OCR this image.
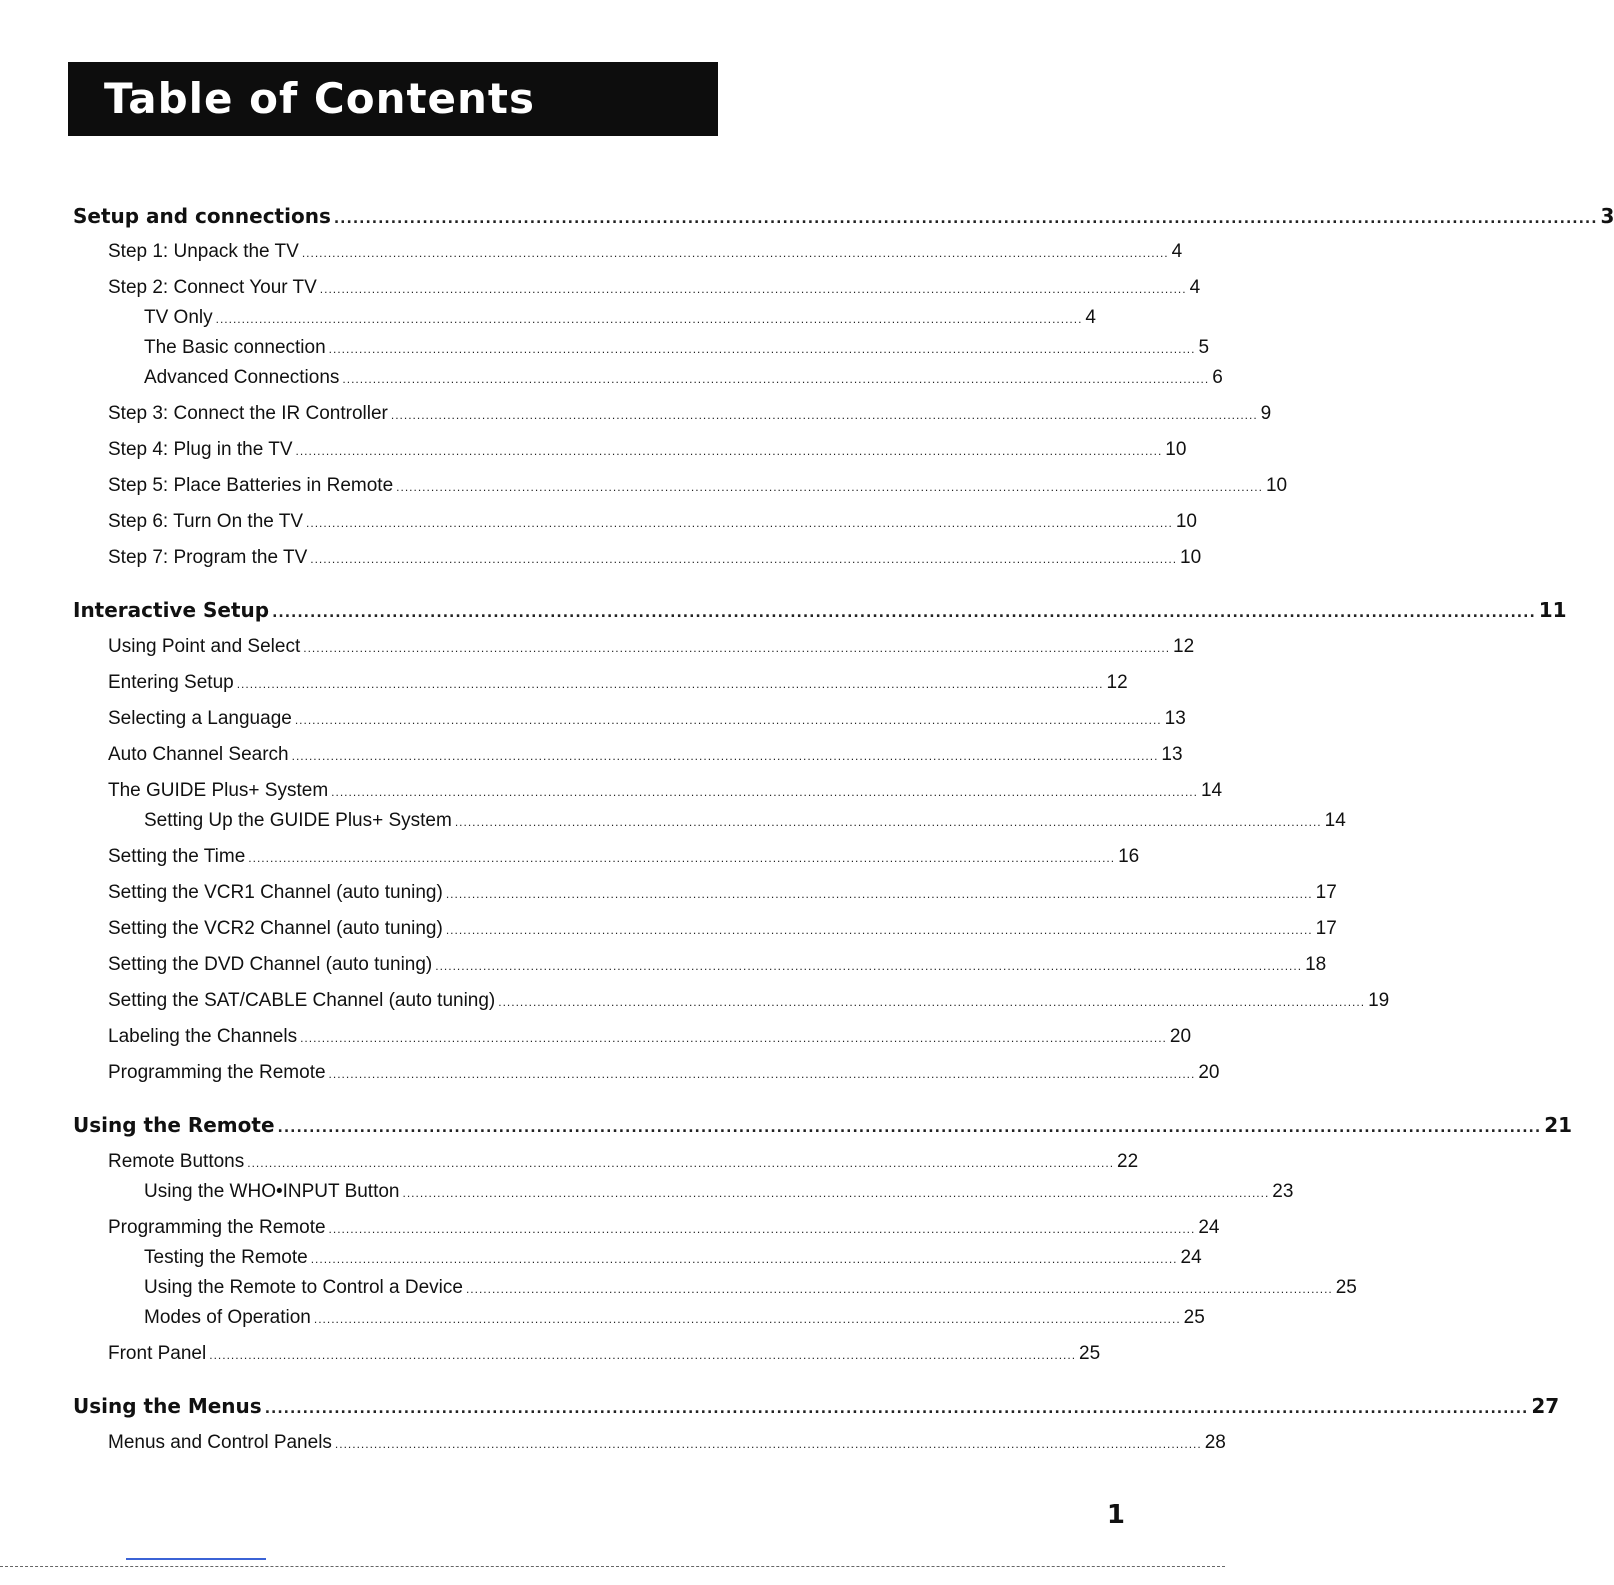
Table of Contents
Setup and connections ........................................................................................................................................................................................................ 3
Step 1: Unpack the TV ........................................................................................................................................................................................................ 4
Step 2: Connect Your TV ........................................................................................................................................................................................................ 4
TV Only ........................................................................................................................................................................................................ 4
The Basic connection ........................................................................................................................................................................................................ 5
Advanced Connections ........................................................................................................................................................................................................ 6
Step 3: Connect the IR Controller ........................................................................................................................................................................................................ 9
Step 4: Plug in the TV ........................................................................................................................................................................................................ 10
Step 5: Place Batteries in Remote ........................................................................................................................................................................................................ 10
Step 6: Turn On the TV ........................................................................................................................................................................................................ 10
Step 7: Program the TV ........................................................................................................................................................................................................ 10
Interactive Setup ........................................................................................................................................................................................................ 11
Using Point and Select ........................................................................................................................................................................................................ 12
Entering Setup ........................................................................................................................................................................................................ 12
Selecting a Language ........................................................................................................................................................................................................ 13
Auto Channel Search ........................................................................................................................................................................................................ 13
The GUIDE Plus+ System ........................................................................................................................................................................................................ 14
Setting Up the GUIDE Plus+ System ........................................................................................................................................................................................................ 14
Setting the Time ........................................................................................................................................................................................................ 16
Setting the VCR1 Channel (auto tuning) ........................................................................................................................................................................................................ 17
Setting the VCR2 Channel (auto tuning) ........................................................................................................................................................................................................ 17
Setting the DVD Channel (auto tuning) ........................................................................................................................................................................................................ 18
Setting the SAT/CABLE Channel (auto tuning) ........................................................................................................................................................................................................ 19
Labeling the Channels ........................................................................................................................................................................................................ 20
Programming the Remote ........................................................................................................................................................................................................ 20
Using the Remote ........................................................................................................................................................................................................ 21
Remote Buttons ........................................................................................................................................................................................................ 22
Using the WHO•INPUT Button ........................................................................................................................................................................................................ 23
Programming the Remote ........................................................................................................................................................................................................ 24
Testing the Remote ........................................................................................................................................................................................................ 24
Using the Remote to Control a Device ........................................................................................................................................................................................................ 25
Modes of Operation ........................................................................................................................................................................................................ 25
Front Panel ........................................................................................................................................................................................................ 25
Using the Menus ........................................................................................................................................................................................................ 27
Menus and Control Panels ........................................................................................................................................................................................................ 28
1
